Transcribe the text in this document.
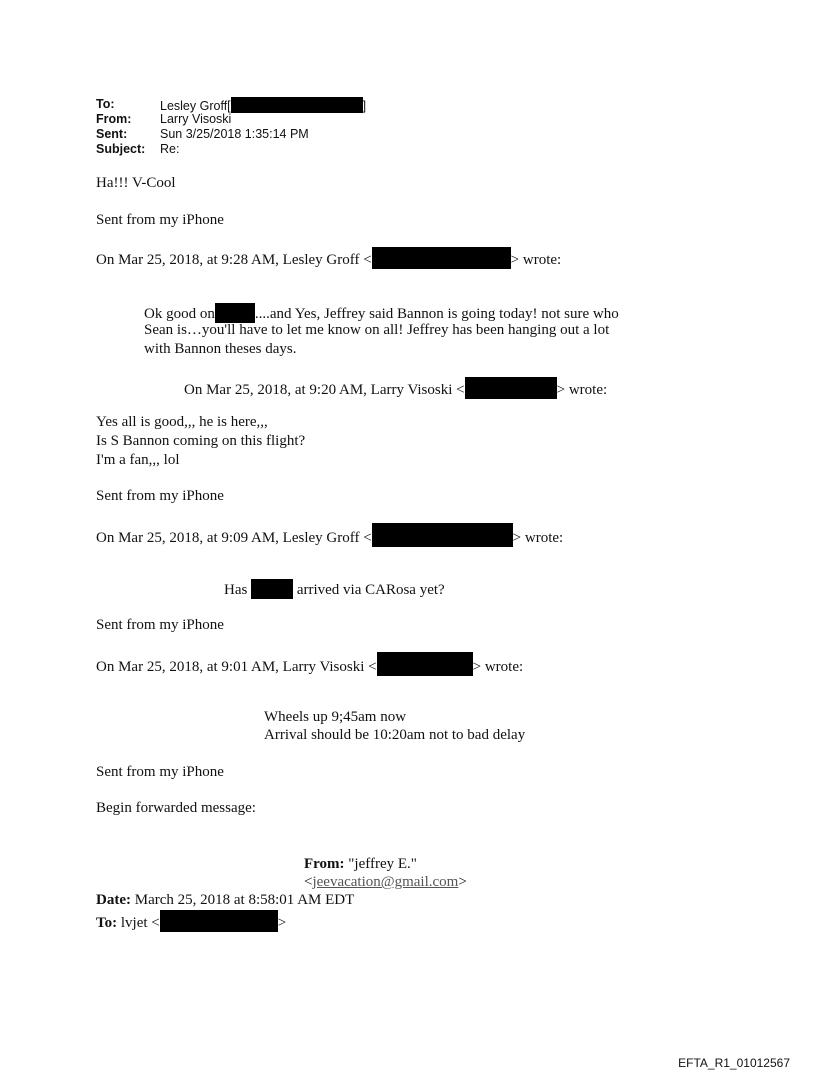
To:	Lesley Groff[	]
From: Larry Visoski
Sent:	Sun 3/25/2018 1:35:14 PM
Subject: Re:
Ha!!! V-Cool
Sent from my iPhone
On Mar 25, 2018, at 9:28 AM, Lesley Groff <	> wrote:
Ok good on	....and Yes, Jeffrey said Bannon is going today! not sure who
Sean is…you'll have to let me know on all! Jeffrey has been hanging out a lot
with Bannon theses days.
On Mar 25, 2018, at 9:20 AM, Larry Visoski <	> wrote:
Yes all is good,,, he is here,,,
Is S Bannon coming on this flight?
I'm a fan,,, lol
Sent from my iPhone
On Mar 25, 2018, at 9:09 AM, Lesley Groff <	> wrote:
Has	arrived via CARosa yet?
Sent from my iPhone
On Mar 25, 2018, at 9:01 AM, Larry Visoski <	> wrote:
Wheels up 9;45am now
Arrival should be 10:20am not to bad delay
Sent from my iPhone
Begin forwarded message:
From: "jeffrey E."
<jeevacation@gmail.com>
Date: March 25, 2018 at 8:58:01 AM EDT
To: lvjet <	>
EFTA_R1_01012567
